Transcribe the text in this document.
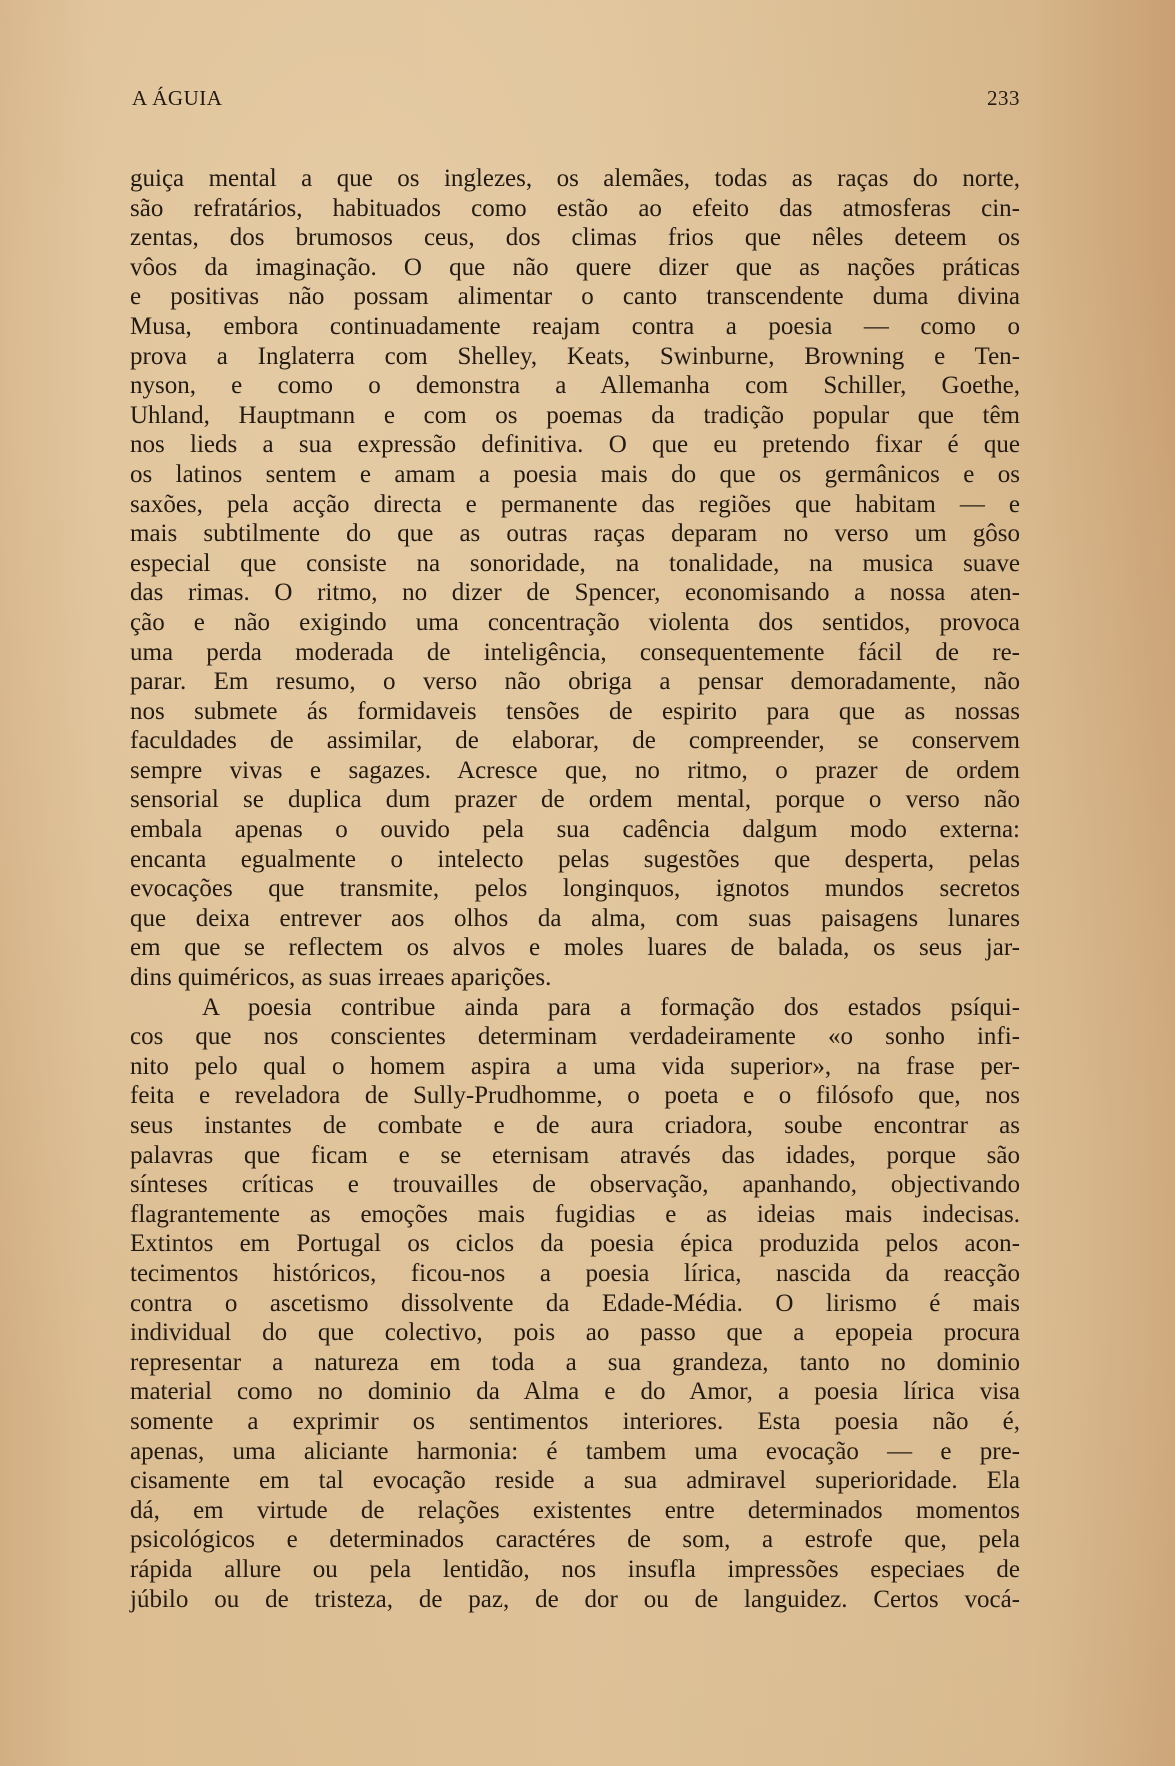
A ÁGUIA	233
guiça mental a que os inglezes, os alemães, todas as raças do norte,
são refratários, habituados como estão ao efeito das atmosferas cin-
zentas, dos brumosos ceus, dos climas frios que nêles deteem os
vôos da imaginação. O que não quere dizer que as nações práticas
e positivas não possam alimentar o canto transcendente duma divina
Musa, embora continuadamente reajam contra a poesia — como o
prova a Inglaterra com Shelley, Keats, Swinburne, Browning e Ten-
nyson, e como o demonstra a Allemanha com Schiller, Goethe,
Uhland, Hauptmann e com os poemas da tradição popular que têm
nos lieds a sua expressão definitiva. O que eu pretendo fixar é que
os latinos sentem e amam a poesia mais do que os germânicos e os
saxões, pela acção directa e permanente das regiões que habitam — e
mais subtilmente do que as outras raças deparam no verso um gôso
especial que consiste na sonoridade, na tonalidade, na musica suave
das rimas. O ritmo, no dizer de Spencer, economisando a nossa aten-
ção e não exigindo uma concentração violenta dos sentidos, provoca
uma perda moderada de inteligência, consequentemente fácil de re-
parar. Em resumo, o verso não obriga a pensar demoradamente, não
nos submete ás formidaveis tensões de espirito para que as nossas
faculdades de assimilar, de elaborar, de compreender, se conservem
sempre vivas e sagazes. Acresce que, no ritmo, o prazer de ordem
sensorial se duplica dum prazer de ordem mental, porque o verso não
embala apenas o ouvido pela sua cadência dalgum modo externa:
encanta egualmente o intelecto pelas sugestões que desperta, pelas
evocações que transmite, pelos longinquos, ignotos mundos secretos
que deixa entrever aos olhos da alma, com suas paisagens lunares
em que se reflectem os alvos e moles luares de balada, os seus jar-
dins quiméricos, as suas irreaes aparições.
A poesia contribue ainda para a formação dos estados psíqui-
cos que nos conscientes determinam verdadeiramente «o sonho infi-
nito pelo qual o homem aspira a uma vida superior», na frase per-
feita e reveladora de Sully-Prudhomme, o poeta e o filósofo que, nos
seus instantes de combate e de aura criadora, soube encontrar as
palavras que ficam e se eternisam através das idades, porque são
sínteses críticas e trouvailles de observação, apanhando, objectivando
flagrantemente as emoções mais fugidias e as ideias mais indecisas.
Extintos em Portugal os ciclos da poesia épica produzida pelos acon-
tecimentos históricos, ficou-nos a poesia lírica, nascida da reacção
contra o ascetismo dissolvente da Edade-Média. O lirismo é mais
individual do que colectivo, pois ao passo que a epopeia procura
representar a natureza em toda a sua grandeza, tanto no dominio
material como no dominio da Alma e do Amor, a poesia lírica visa
somente a exprimir os sentimentos interiores. Esta poesia não é,
apenas, uma aliciante harmonia: é tambem uma evocação — e pre-
cisamente em tal evocação reside a sua admiravel superioridade. Ela
dá, em virtude de relações existentes entre determinados momentos
psicológicos e determinados caractéres de som, a estrofe que, pela
rápida allure ou pela lentidão, nos insufla impressões especiaes de
júbilo ou de tristeza, de paz, de dor ou de languidez. Certos vocá-
